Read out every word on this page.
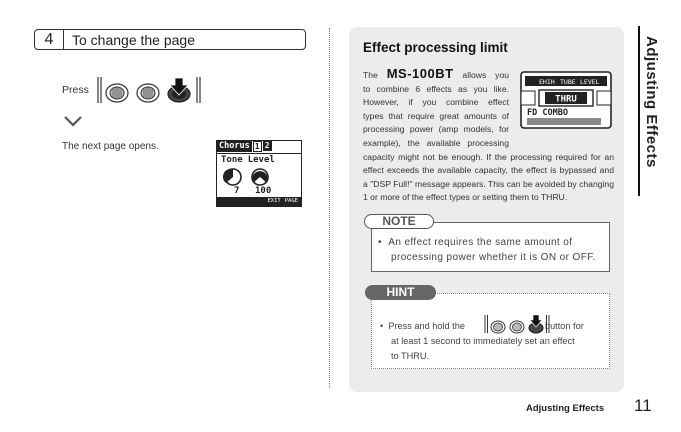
4	To change the page
Press
The next page opens.	Chorus 1 2
Tone Level
7 100
EXIT PAGE
Effect processing limit
The MS-100BT allows you
to combine 6 effects as you like.
However, if you combine effect
types that require great amounts of
processing power (amp models, for
example), the available processing
capacity might not be enough. If the processing required for an
effect exceeds the available capacity, the effect is bypassed and
a "DSP Full!" message appears. This can be avoided by changing
1 or more of the effect types or setting them to THRU.
EHIH TUBE LEVEL
THRU
FD COMBO
NOTE
• An effect requires the same amount of
processing power whether it is ON or OFF.
HINT
• Press and hold the	button for
at least 1 second to immediately set an effect
to THRU.
Adjusting Effects
Adjusting Effects 11
